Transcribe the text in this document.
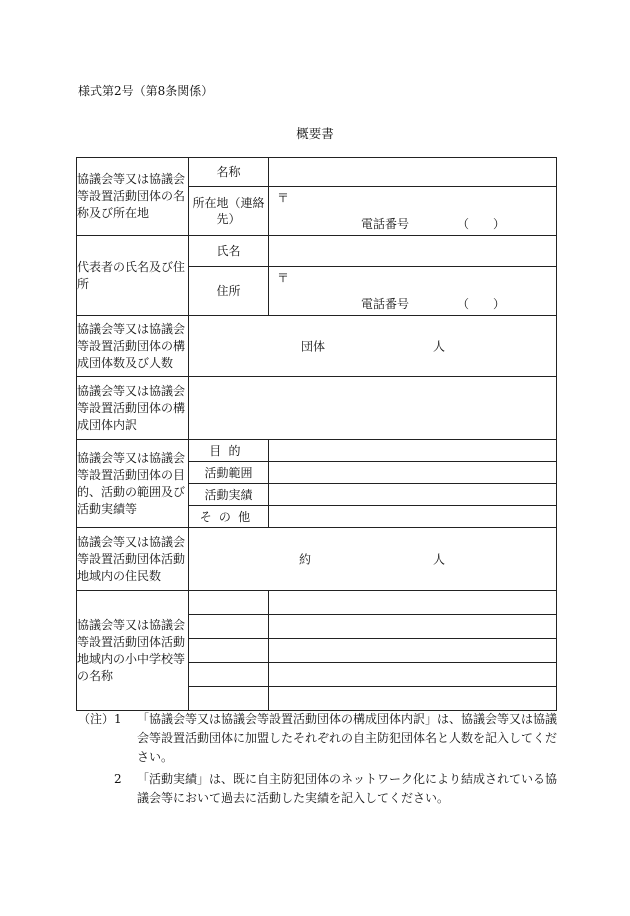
様式第2号（第8条関係）
概要書
協議会等又は協議会等設置活動団体の名称及び所在地	名称	
	所在地（連絡先）	〒
電話番号 （　　）

代表者の氏名及び住所	氏名	
	住所	〒
電話番号 （　　）

協議会等又は協議会等設置活動団体の構成団体数及び人数	団体 人	

協議会等又は協議会等設置活動団体の構成団体内訳		
協議会等又は協議会等設置活動団体の目的、活動の範囲及び活動実績等	目的	
	活動範囲	
	活動実績	
	その他	
協議会等又は協議会等設置活動団体活動地域内の住民数	約 人	

協議会等又は協議会等設置活動団体活動地域内の小中学校等の名称		

（注） 1 「協議会等又は協議会等設置活動団体の構成団体内訳」は、協議会等又は協議会等設置活動団体に加盟したそれぞれの自主防犯団体名と人数を記入してください。
2 「活動実績」は、既に自主防犯団体のネットワーク化により結成されている協議会等において過去に活動した実績を記入してください。
